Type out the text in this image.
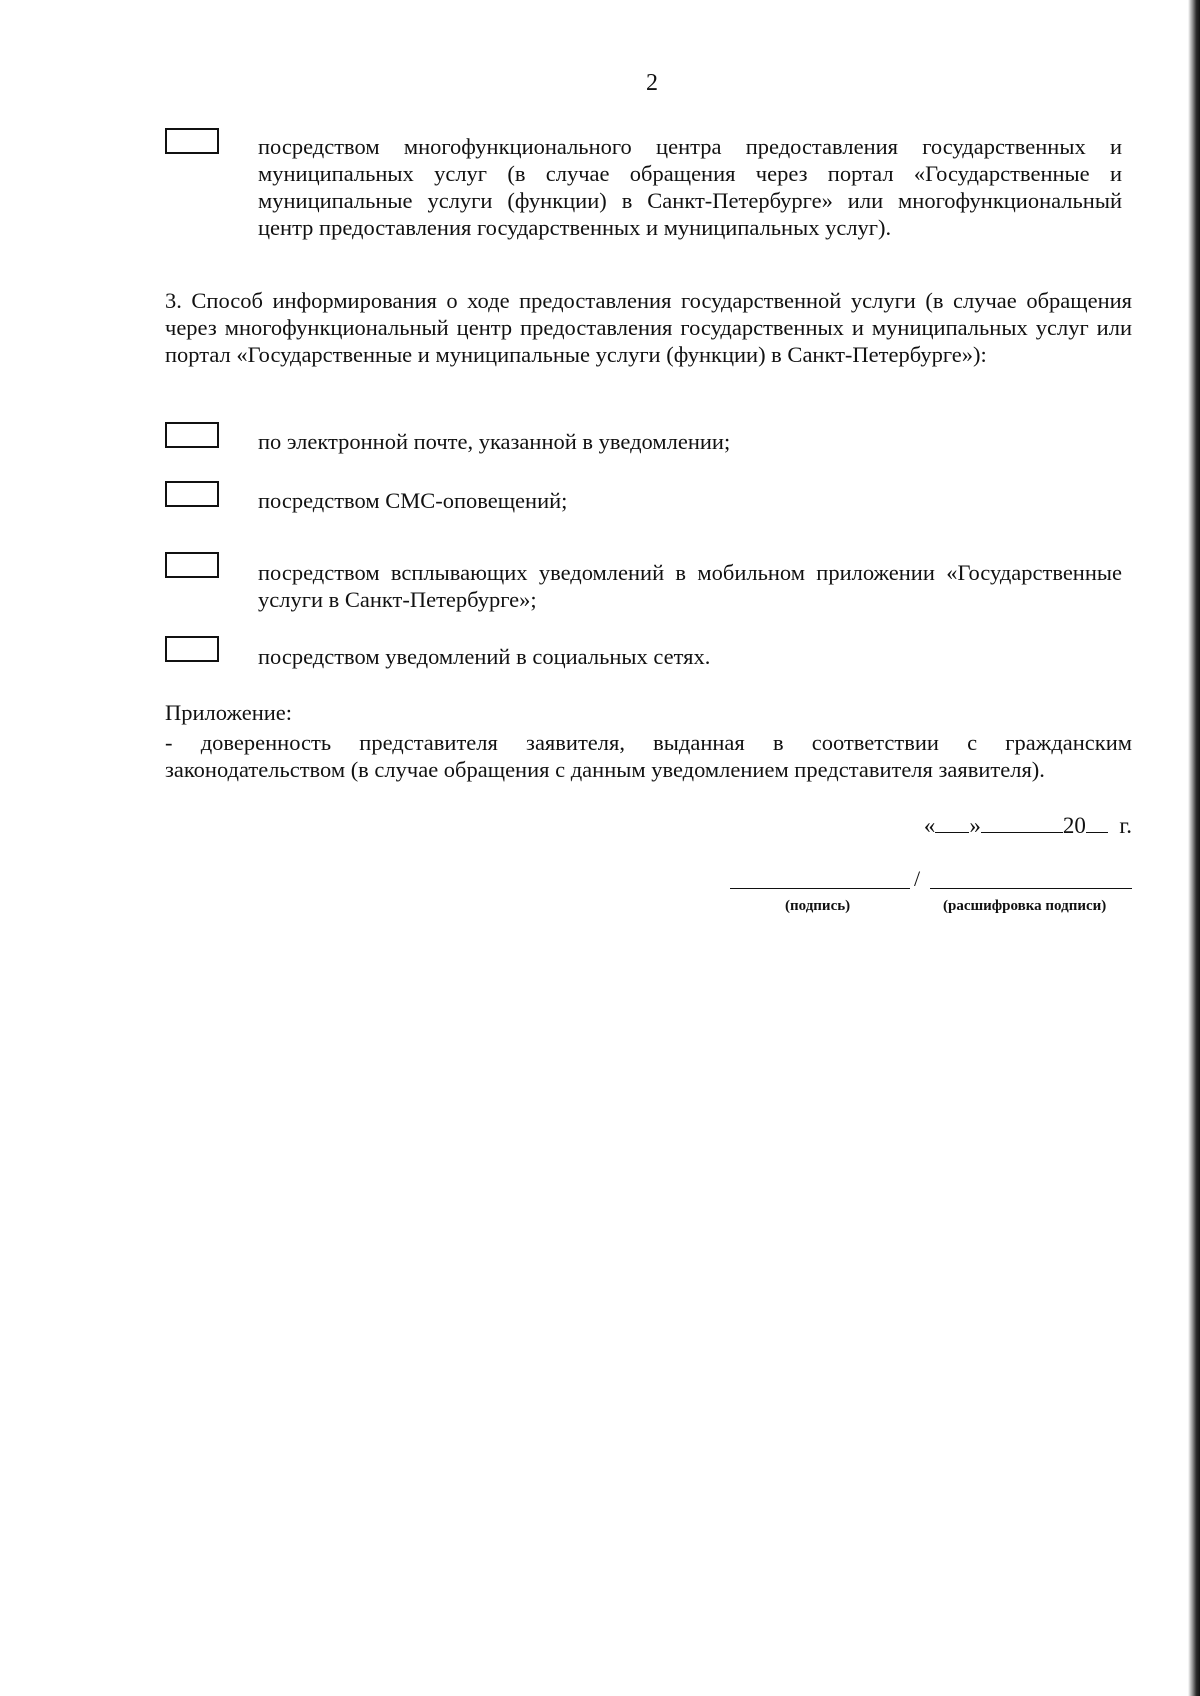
2
посредством многофункционального центра предоставления государственных и муниципальных услуг (в случае обращения через портал «Государственные и муниципальные услуги (функции) в Санкт-Петербурге» или многофункциональный центр предоставления государственных и муниципальных услуг).
3. Способ информирования о ходе предоставления государственной услуги (в случае обращения через многофункциональный центр предоставления государственных и муниципальных услуг или портал «Государственные и муниципальные услуги (функции) в Санкт-Петербурге»):
по электронной почте, указанной в уведомлении;
посредством СМС-оповещений;
посредством всплывающих уведомлений в мобильном приложении «Государственные услуги в Санкт-Петербурге»;
посредством уведомлений в социальных сетях.
Приложение:
- доверенность представителя заявителя, выданная в соответствии с гражданским законодательством (в случае обращения с данным уведомлением представителя заявителя).
« »	20 г.
/
(подпись)	(расшифровка подписи)
